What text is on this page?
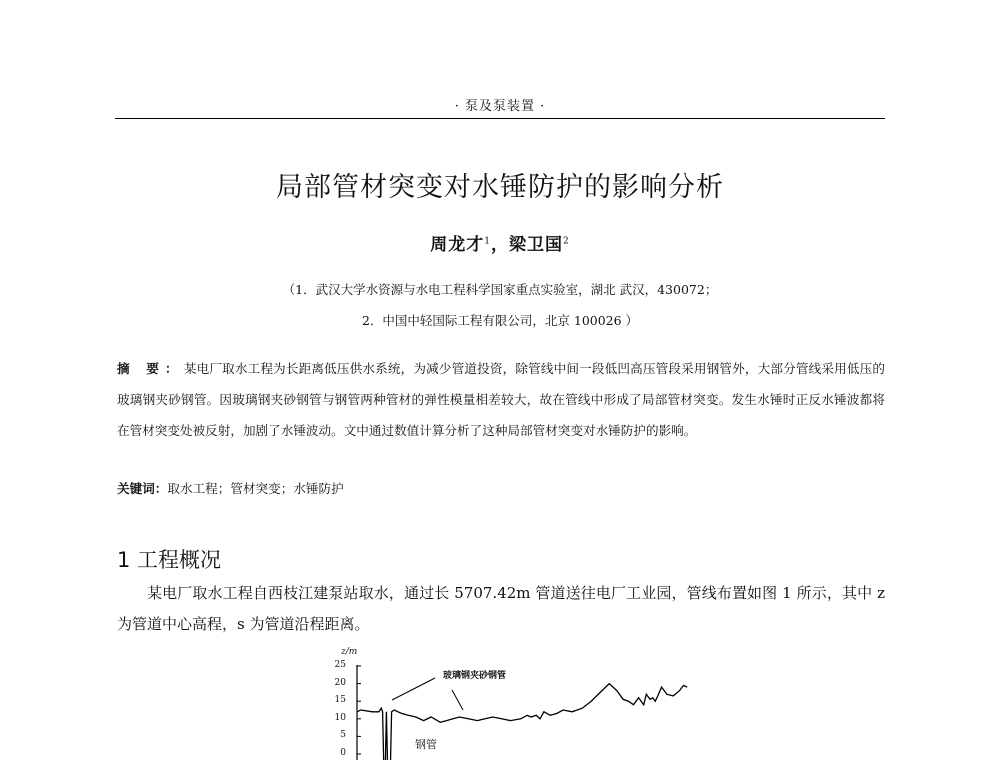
· 泵及泵装置 ·
局部管材突变对水锤防护的影响分析
周龙才$^1$，梁卫国$^2$
（1．武汉大学水资源与水电工程科学国家重点实验室，湖北 武汉，430072；
2．中国中轻国际工程有限公司，北京 100026 ）
摘 要：某电厂取水工程为长距离低压供水系统，为减少管道投资，除管线中间一段低凹高压管段采用钢管外，大部分管线采用低压的玻璃钢夹砂钢管。因玻璃钢夹砂钢管与钢管两种管材的弹性模量相差较大，故在管线中形成了局部管材突变。发生水锤时正反水锤波都将在管材突变处被反射，加剧了水锤波动。文中通过数值计算分析了这种局部管材突变对水锤防护的影响。
关键词：取水工程；管材突变；水锤防护
1 工程概况
某电厂取水工程自西枝江建泵站取水，通过长 5707.42m 管道送往电厂工业园，管线布置如图 1 所示，其中 z 为管道中心高程，s 为管道沿程距离。
z/m
25
20
15
10
5
0
玻璃钢夹砂钢管
钢管
